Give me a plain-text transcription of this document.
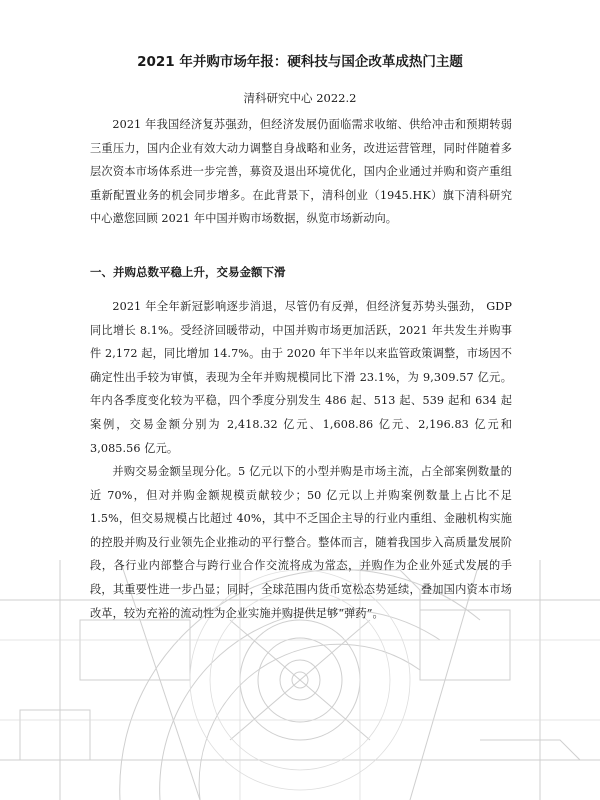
2021 年并购市场年报：硬科技与国企改革成热门主题
清科研究中心 2022.2

2021 年我国经济复苏强劲，但经济发展仍面临需求收缩、供给冲击和预期转弱三重压力，国内企业有效大动力调整自身战略和业务，改进运营管理，同时伴随着多层次资本市场体系进一步完善，募资及退出环境优化，国内企业通过并购和资产重组重新配置业务的机会同步增多。在此背景下，清科创业（1945.HK）旗下清科研究中心邀您回顾 2021 年中国并购市场数据，纵览市场新动向。

一、并购总数平稳上升，交易金额下滑

2021 年全年新冠影响逐步消退，尽管仍有反弹，但经济复苏势头强劲， GDP 同比增长 8.1%。受经济回暖带动，中国并购市场更加活跃，2021 年共发生并购事件 2,172 起，同比增加 14.7%。由于 2020 年下半年以来监管政策调整，市场因不确定性出手较为审慎，表现为全年并购规模同比下滑 23.1%，为 9,309.57 亿元。年内各季度变化较为平稳，四个季度分别发生 486 起、513 起、539 起和 634 起案例，交易金额分别为 2,418.32 亿元、1,608.86 亿元、2,196.83 亿元和 3,085.56 亿元。

并购交易金额呈现分化。5 亿元以下的小型并购是市场主流，占全部案例数量的近 70%，但对并购金额规模贡献较少；50 亿元以上并购案例数量上占比不足 1.5%，但交易规模占比超过 40%，其中不乏国企主导的行业内重组、金融机构实施的控股并购及行业领先企业推动的平行整合。整体而言，随着我国步入高质量发展阶段，各行业内部整合与跨行业合作交流将成为常态，并购作为企业外延式发展的手段，其重要性进一步凸显；同时，全球范围内货币宽松态势延续，叠加国内资本市场改革，较为充裕的流动性为企业实施并购提供足够“弹药”。
